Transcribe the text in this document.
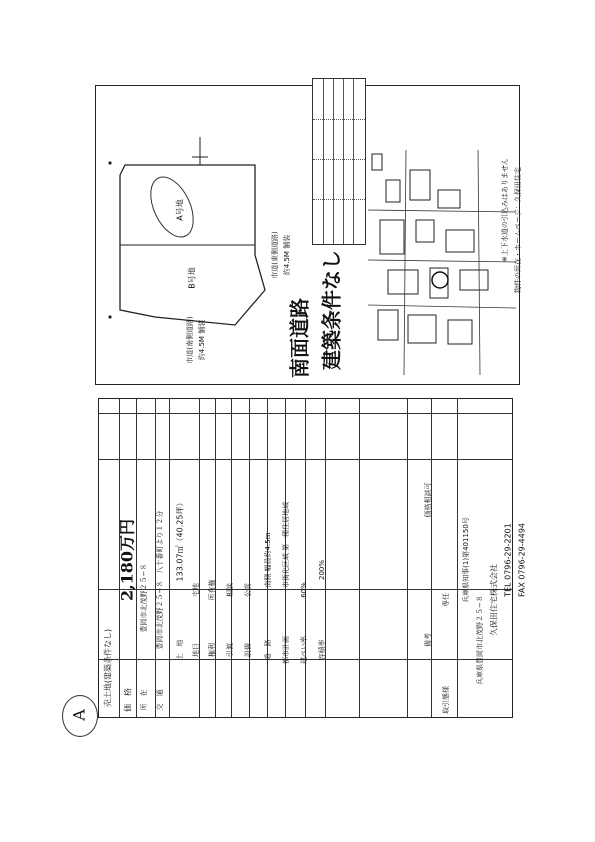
売土地(建築条件なし) 価　格
2,180万円
所　在
豊岡市北茂野２５−８
交　通
豊岡市北茂野２５−８　八十番町より１２分
土　地
133.07㎡（40.25坪）
地目
宅地
権利
所有権
引渡
相談
設備
公営
道　路
南側 幅員約4.5ｍ
都市計画
市街化区域 第一種住居地域
建ぺい率
60%
容積率
200%
備考
価格相談可
取引態様
専任 兵庫県知事(1)第401150号
兵庫県豊岡市北茂野２５−８ 久保田住宅株式会社
TEL 0796-29-2201 FAX 0796-29-4494
A号地
B号地	市道(東側道路) 約4.5M 舗装
市道(南側道路) 約4.5M 舗装	南面道路 建築条件なし
※上下水道の引込みはありません 物件の所在・ホームページ：久保田住宅
A
